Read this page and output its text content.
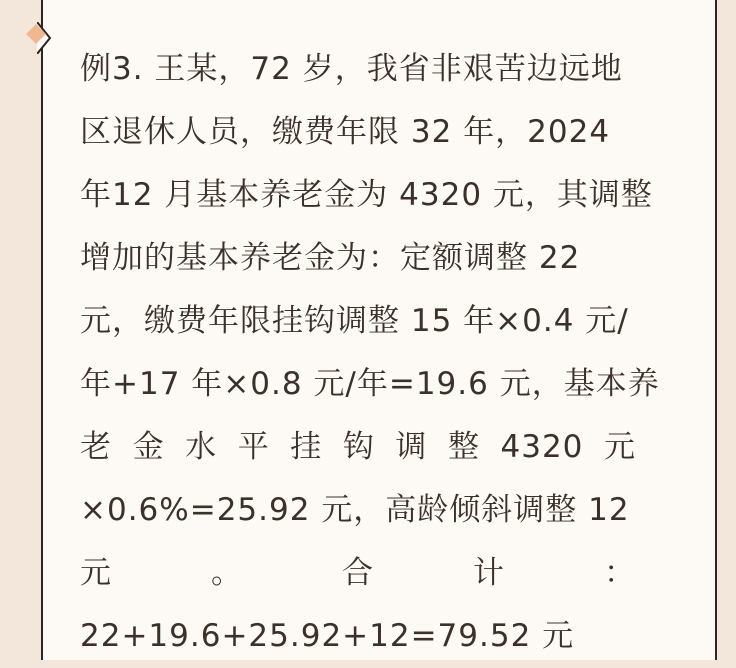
例3. 王某，72 岁，我省非艰苦边远地
区退休人员，缴费年限 32 年，2024
年12 月基本养老金为 4320 元，其调整
增加的基本养老金为：定额调整 22
元，缴费年限挂钩调整 15 年×0.4 元/
年+17 年×0.8 元/年=19.6 元，基本养
老 金 水 平 挂 钩 调 整 4320 元
×0.6%=25.92 元，高龄倾斜调整 12
元	。	合	计	：
22+19.6+25.92+12=79.52 元
